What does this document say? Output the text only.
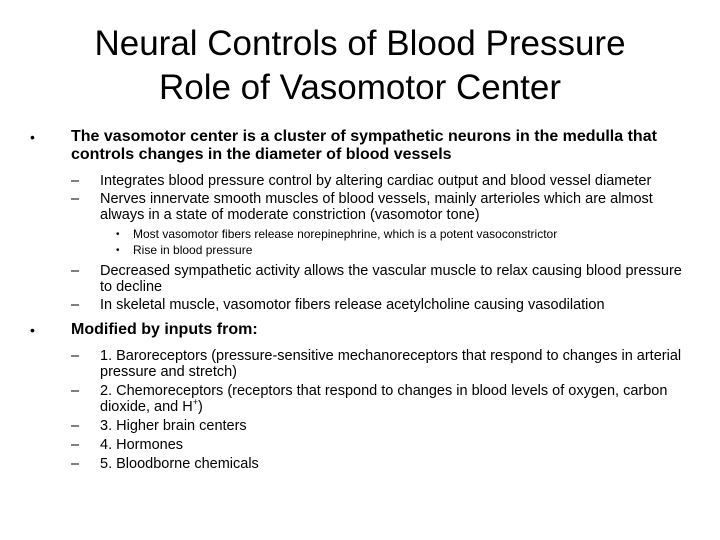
Neural Controls of Blood Pressure
Role of Vasomotor Center
• The vasomotor center is a cluster of sympathetic neurons in the medulla that controls changes in the diameter of blood vessels
– Integrates blood pressure control by altering cardiac output and blood vessel diameter
– Nerves innervate smooth muscles of blood vessels, mainly arterioles which are almost always in a state of moderate constriction (vasomotor tone)
• Most vasomotor fibers release norepinephrine, which is a potent vasoconstrictor
• Rise in blood pressure
– Decreased sympathetic activity allows the vascular muscle to relax causing blood pressure to decline
– In skeletal muscle, vasomotor fibers release acetylcholine causing vasodilation
• Modified by inputs from:
– 1. Baroreceptors (pressure-sensitive mechanoreceptors that respond to changes in arterial pressure and stretch)
– 2. Chemoreceptors (receptors that respond to changes in blood levels of oxygen, carbon dioxide, and H+)
– 3. Higher brain centers
– 4. Hormones
– 5. Bloodborne chemicals
